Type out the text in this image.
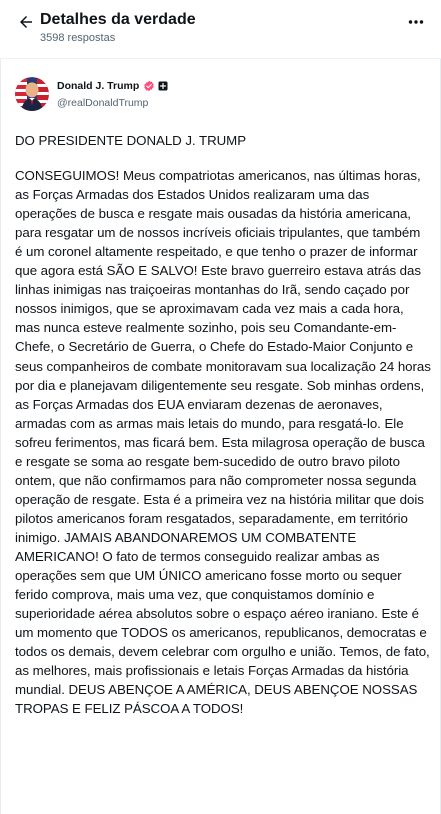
Detalhes da verdade
3598 respostas
Donald J. Trump
@realDonaldTrump

DO PRESIDENTE DONALD J. TRUMP

CONSEGUIMOS! Meus compatriotas americanos, nas últimas horas, as Forças Armadas dos Estados Unidos realizaram uma das operações de busca e resgate mais ousadas da história americana, para resgatar um de nossos incríveis oficiais tripulantes, que também é um coronel altamente respeitado, e que tenho o prazer de informar que agora está SÃO E SALVO! Este bravo guerreiro estava atrás das linhas inimigas nas traiçoeiras montanhas do Irã, sendo caçado por nossos inimigos, que se aproximavam cada vez mais a cada hora, mas nunca esteve realmente sozinho, pois seu Comandante-em-Chefe, o Secretário de Guerra, o Chefe do Estado-Maior Conjunto e seus companheiros de combate monitoravam sua localização 24 horas por dia e planejavam diligentemente seu resgate. Sob minhas ordens, as Forças Armadas dos EUA enviaram dezenas de aeronaves, armadas com as armas mais letais do mundo, para resgatá-lo. Ele sofreu ferimentos, mas ficará bem. Esta milagrosa operação de busca e resgate se soma ao resgate bem-sucedido de outro bravo piloto ontem, que não confirmamos para não comprometer nossa segunda operação de resgate. Esta é a primeira vez na história militar que dois pilotos americanos foram resgatados, separadamente, em território inimigo. JAMAIS ABANDONAREMOS UM COMBATENTE AMERICANO! O fato de termos conseguido realizar ambas as operações sem que UM ÚNICO americano fosse morto ou sequer ferido comprova, mais uma vez, que conquistamos domínio e superioridade aérea absolutos sobre o espaço aéreo iraniano. Este é um momento que TODOS os americanos, republicanos, democratas e todos os demais, devem celebrar com orgulho e união. Temos, de fato, as melhores, mais profissionais e letais Forças Armadas da história mundial. DEUS ABENÇOE A AMÉRICA, DEUS ABENÇOE NOSSAS TROPAS E FELIZ PÁSCOA A TODOS!
